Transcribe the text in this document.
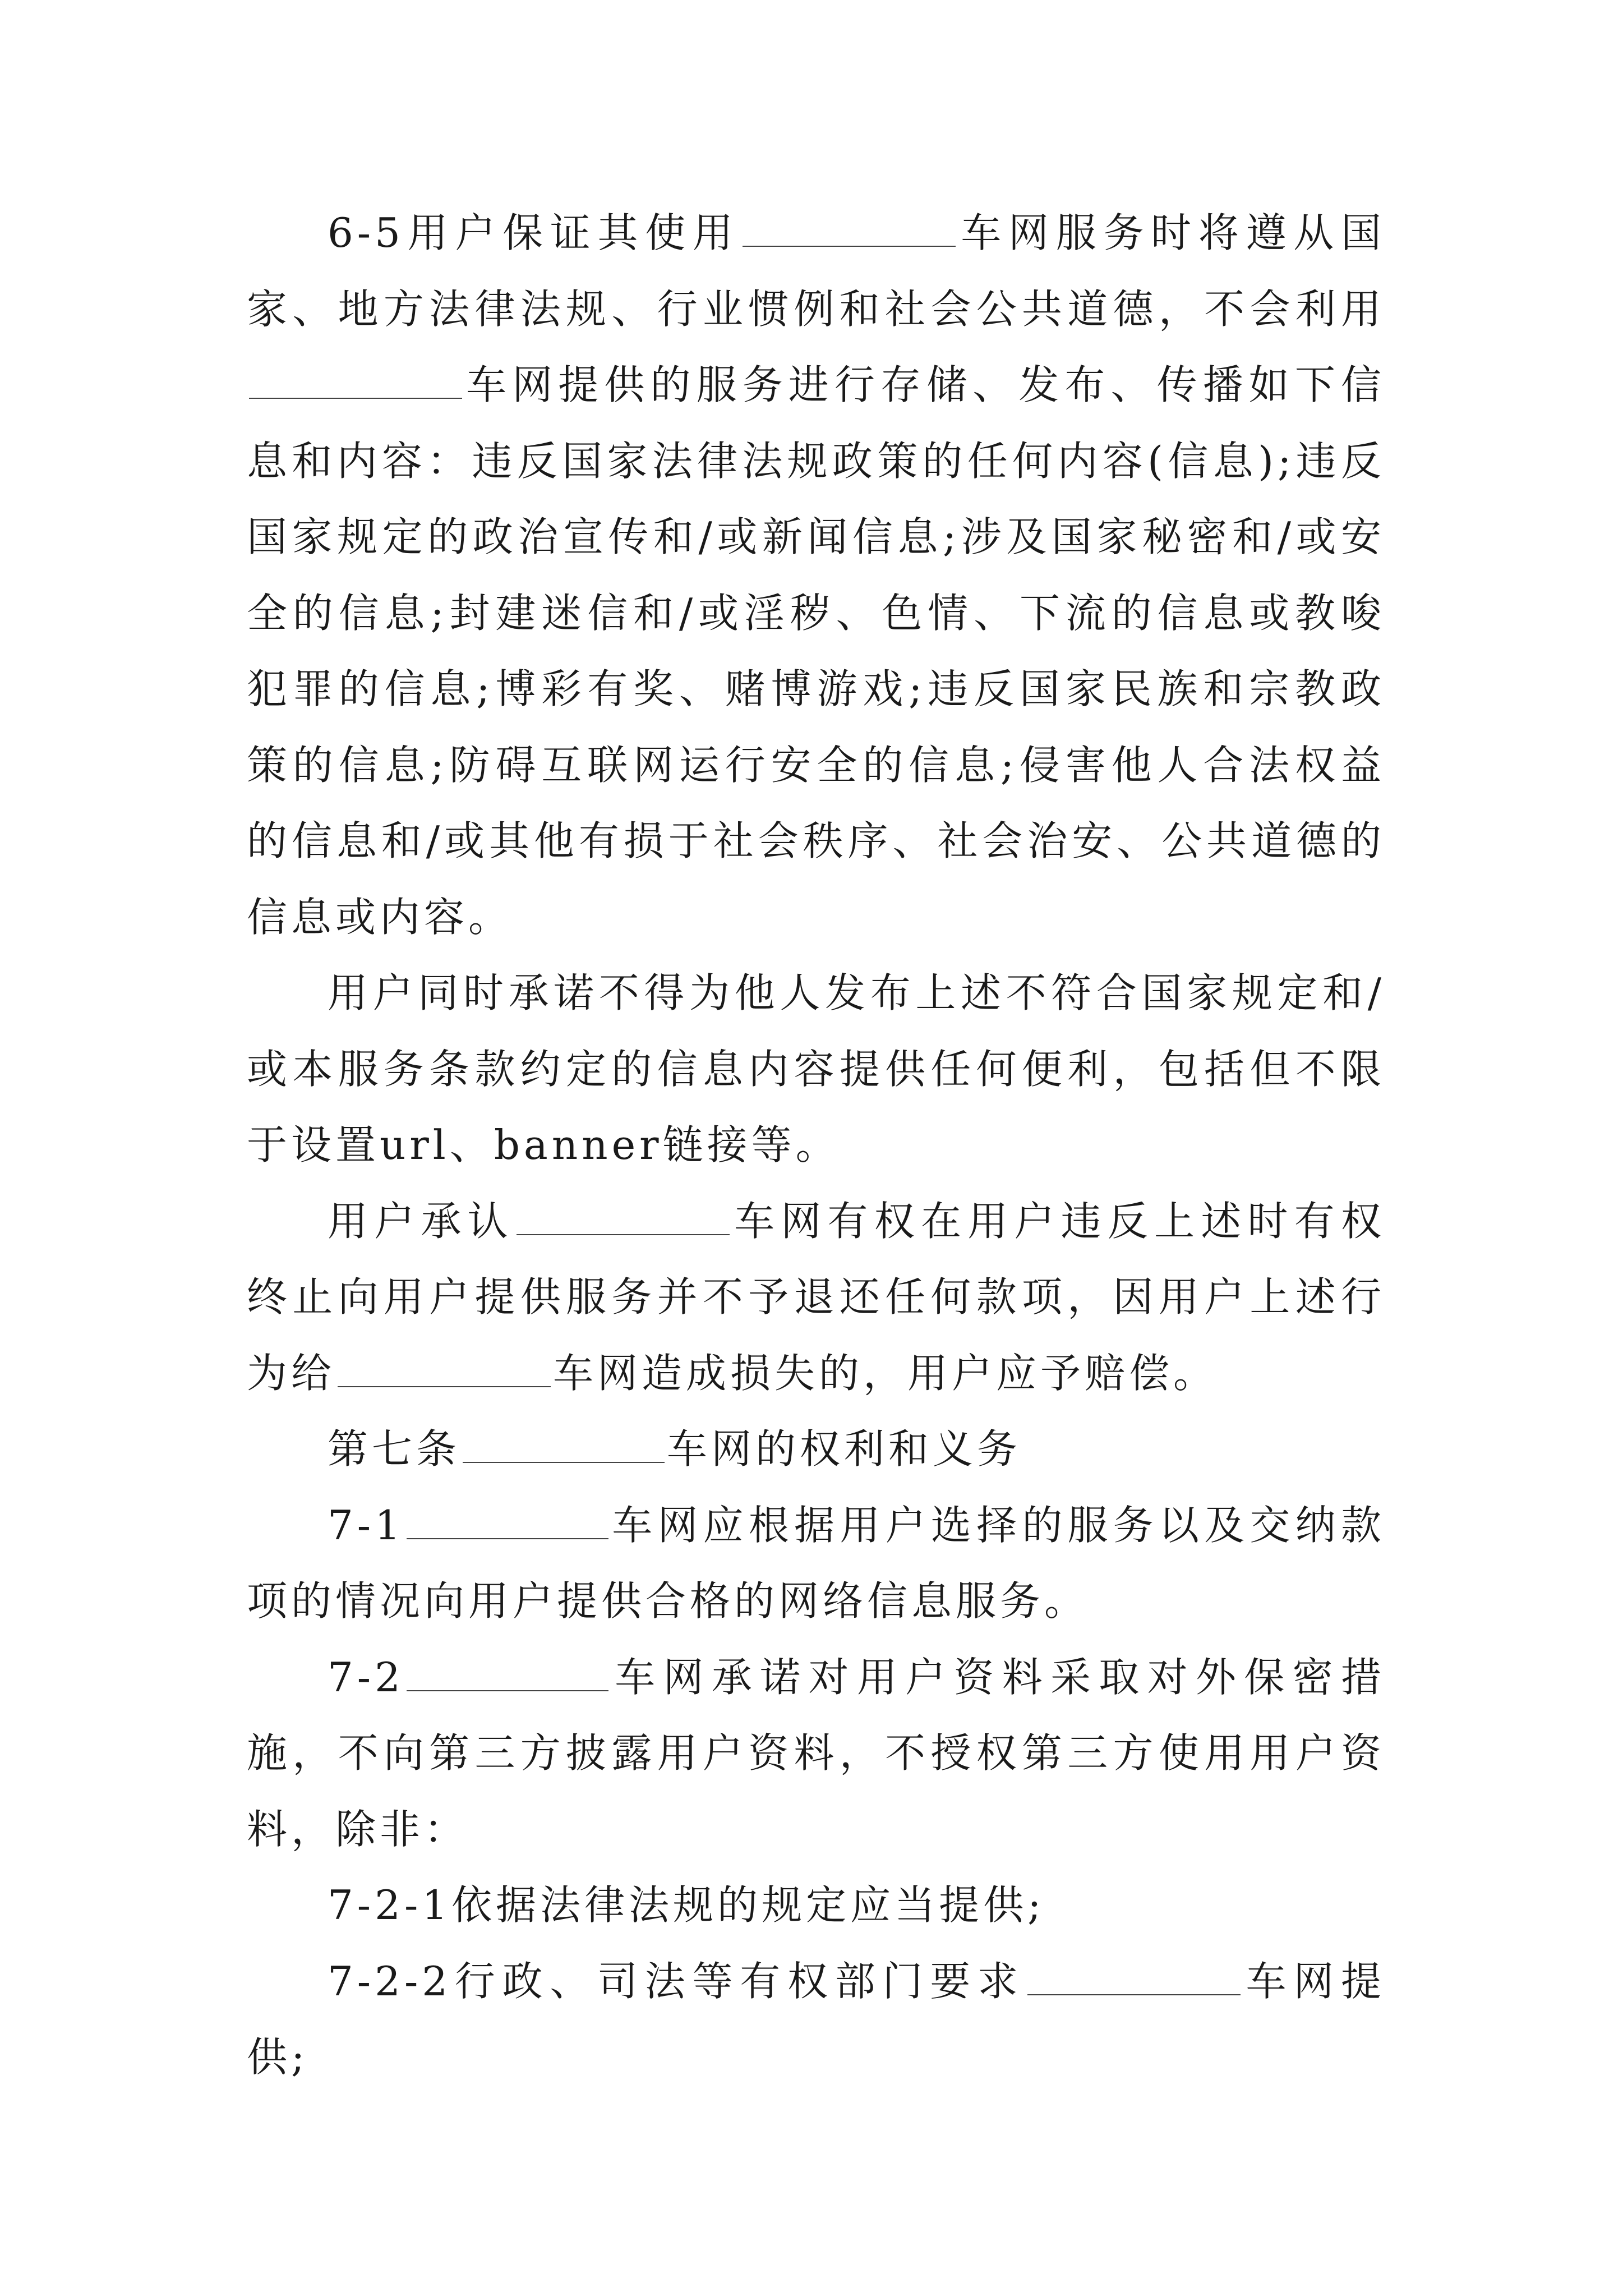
6-5用户保证其使用	车网服务时将遵从国家、地方法律法规、行业惯例和社会公共道德，不会利用车网提供的服务进行存储、发布、传播如下信息和内容：违反国家法律法规政策的任何内容(信息);违反国家规定的政治宣传和/或新闻信息;涉及国家秘密和/或安全的信息;封建迷信和/或淫秽、色情、下流的信息或教唆犯罪的信息;博彩有奖、赌博游戏;违反国家民族和宗教政策的信息;防碍互联网运行安全的信息;侵害他人合法权益的信息和/或其他有损于社会秩序、社会治安、公共道德的信息或内容。

用户同时承诺不得为他人发布上述不符合国家规定和/或本服务条款约定的信息内容提供任何便利，包括但不限于设置url、banner链接等。

用户承认	车网有权在用户违反上述时有权终止向用户提供服务并不予退还任何款项，因用户上述行为给	车网造成损失的，用户应予赔偿。

第七条	车网的权利和义务

7-1	车网应根据用户选择的服务以及交纳款项的情况向用户提供合格的网络信息服务。

7-2	车网承诺对用户资料采取对外保密措施，不向第三方披露用户资料，不授权第三方使用用户资料，除非：

7-2-1依据法律法规的规定应当提供;

7-2-2行政、司法等有权部门要求	车网提供;
